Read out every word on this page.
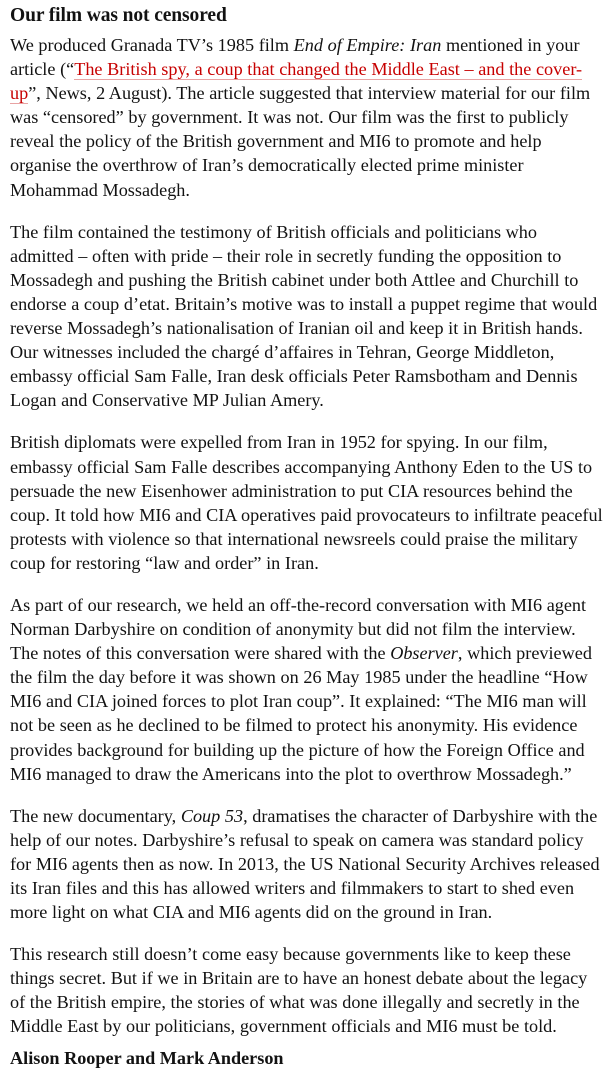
Our film was not censored

We produced Granada TV’s 1985 film End of Empire: Iran mentioned in your article (“The British spy, a coup that changed the Middle East – and the cover-up”, News, 2 August). The article suggested that interview material for our film was “censored” by government. It was not. Our film was the first to publicly reveal the policy of the British government and MI6 to promote and help organise the overthrow of Iran’s democratically elected prime minister Mohammad Mossadegh.

The film contained the testimony of British officials and politicians who admitted – often with pride – their role in secretly funding the opposition to Mossadegh and pushing the British cabinet under both Attlee and Churchill to endorse a coup d’etat. Britain’s motive was to install a puppet regime that would reverse Mossadegh’s nationalisation of Iranian oil and keep it in British hands. Our witnesses included the chargé d’affaires in Tehran, George Middleton, embassy official Sam Falle, Iran desk officials Peter Ramsbotham and Dennis Logan and Conservative MP Julian Amery.

British diplomats were expelled from Iran in 1952 for spying. In our film, embassy official Sam Falle describes accompanying Anthony Eden to the US to persuade the new Eisenhower administration to put CIA resources behind the coup. It told how MI6 and CIA operatives paid provocateurs to infiltrate peaceful protests with violence so that international newsreels could praise the military coup for restoring “law and order” in Iran.

As part of our research, we held an off-the-record conversation with MI6 agent Norman Darbyshire on condition of anonymity but did not film the interview. The notes of this conversation were shared with the Observer, which previewed the film the day before it was shown on 26 May 1985 under the headline “How MI6 and CIA joined forces to plot Iran coup”. It explained: “The MI6 man will not be seen as he declined to be filmed to protect his anonymity. His evidence provides background for building up the picture of how the Foreign Office and MI6 managed to draw the Americans into the plot to overthrow Mossadegh.”

The new documentary, Coup 53, dramatises the character of Darbyshire with the help of our notes. Darbyshire’s refusal to speak on camera was standard policy for MI6 agents then as now. In 2013, the US National Security Archives released its Iran files and this has allowed writers and filmmakers to start to shed even more light on what CIA and MI6 agents did on the ground in Iran.

This research still doesn’t come easy because governments like to keep these things secret. But if we in Britain are to have an honest debate about the legacy of the British empire, the stories of what was done illegally and secretly in the Middle East by our politicians, government officials and MI6 must be told.

Alison Rooper and Mark Anderson
